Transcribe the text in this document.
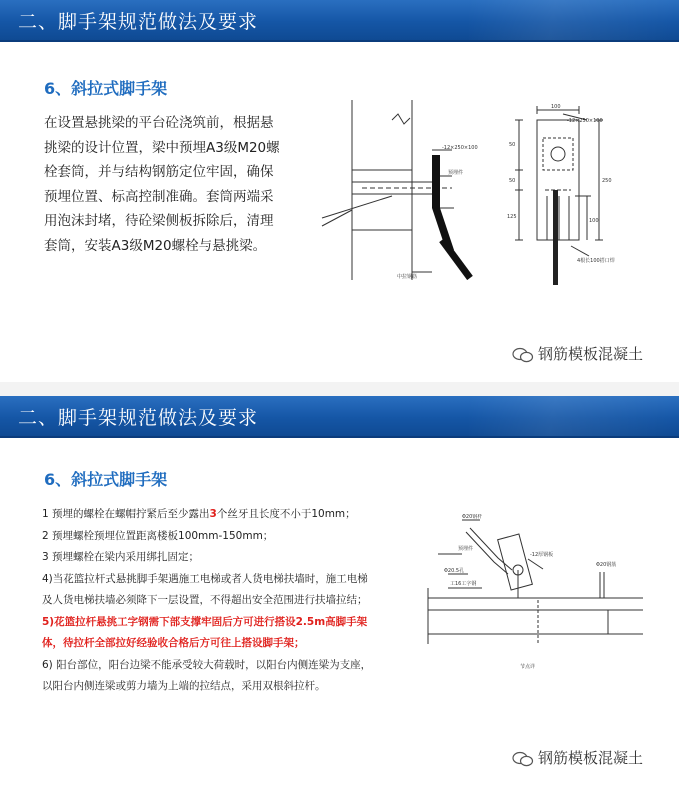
二、脚手架规范做法及要求
6、斜拉式脚手架
在设置悬挑梁的平台砼浇筑前，根据悬
挑梁的设计位置，梁中预埋A3级M20螺
栓套筒，并与结构钢筋定位牢固，确保
预埋位置、标高控制准确。套筒两端采
用泡沫封堵，待砼梁侧板拆除后，清理
套筒，安装A3级M20螺栓与悬挑梁。
-12×250×100
预埋件
中拉钢筋
100
-12×250×100
50
50
125
250
100
4根长100搭口焊
钢筋模板混凝土
二、脚手架规范做法及要求
6、斜拉式脚手架
1 预埋的螺栓在螺帽拧紧后至少露出3个丝牙且长度不小于10mm；
2 预埋螺栓预埋位置距离楼板100mm-150mm；
3 预埋螺栓在梁内采用绑扎固定；
4)当花篮拉杆式悬挑脚手架遇施工电梯或者人货电梯扶墙时，施工电梯
及人货电梯扶墙必须降下一层设置，不得超出安全范围进行扶墙拉结；
5)花篮拉杆悬挑工字钢需下部支撑牢固后方可进行搭设2.5m高脚手架
体，待拉杆全部拉好经验收合格后方可往上搭设脚手架；
6) 阳台部位，阳台边梁不能承受较大荷载时，以阳台内侧连梁为支座，
以阳台内侧连梁或剪力墙为上端的拉结点，采用双根斜拉杆。
Φ20钢杆
预埋件
Φ20.5孔
工16工字钢
Φ20钢筋
-12厚钢板
节点详
钢筋模板混凝土
